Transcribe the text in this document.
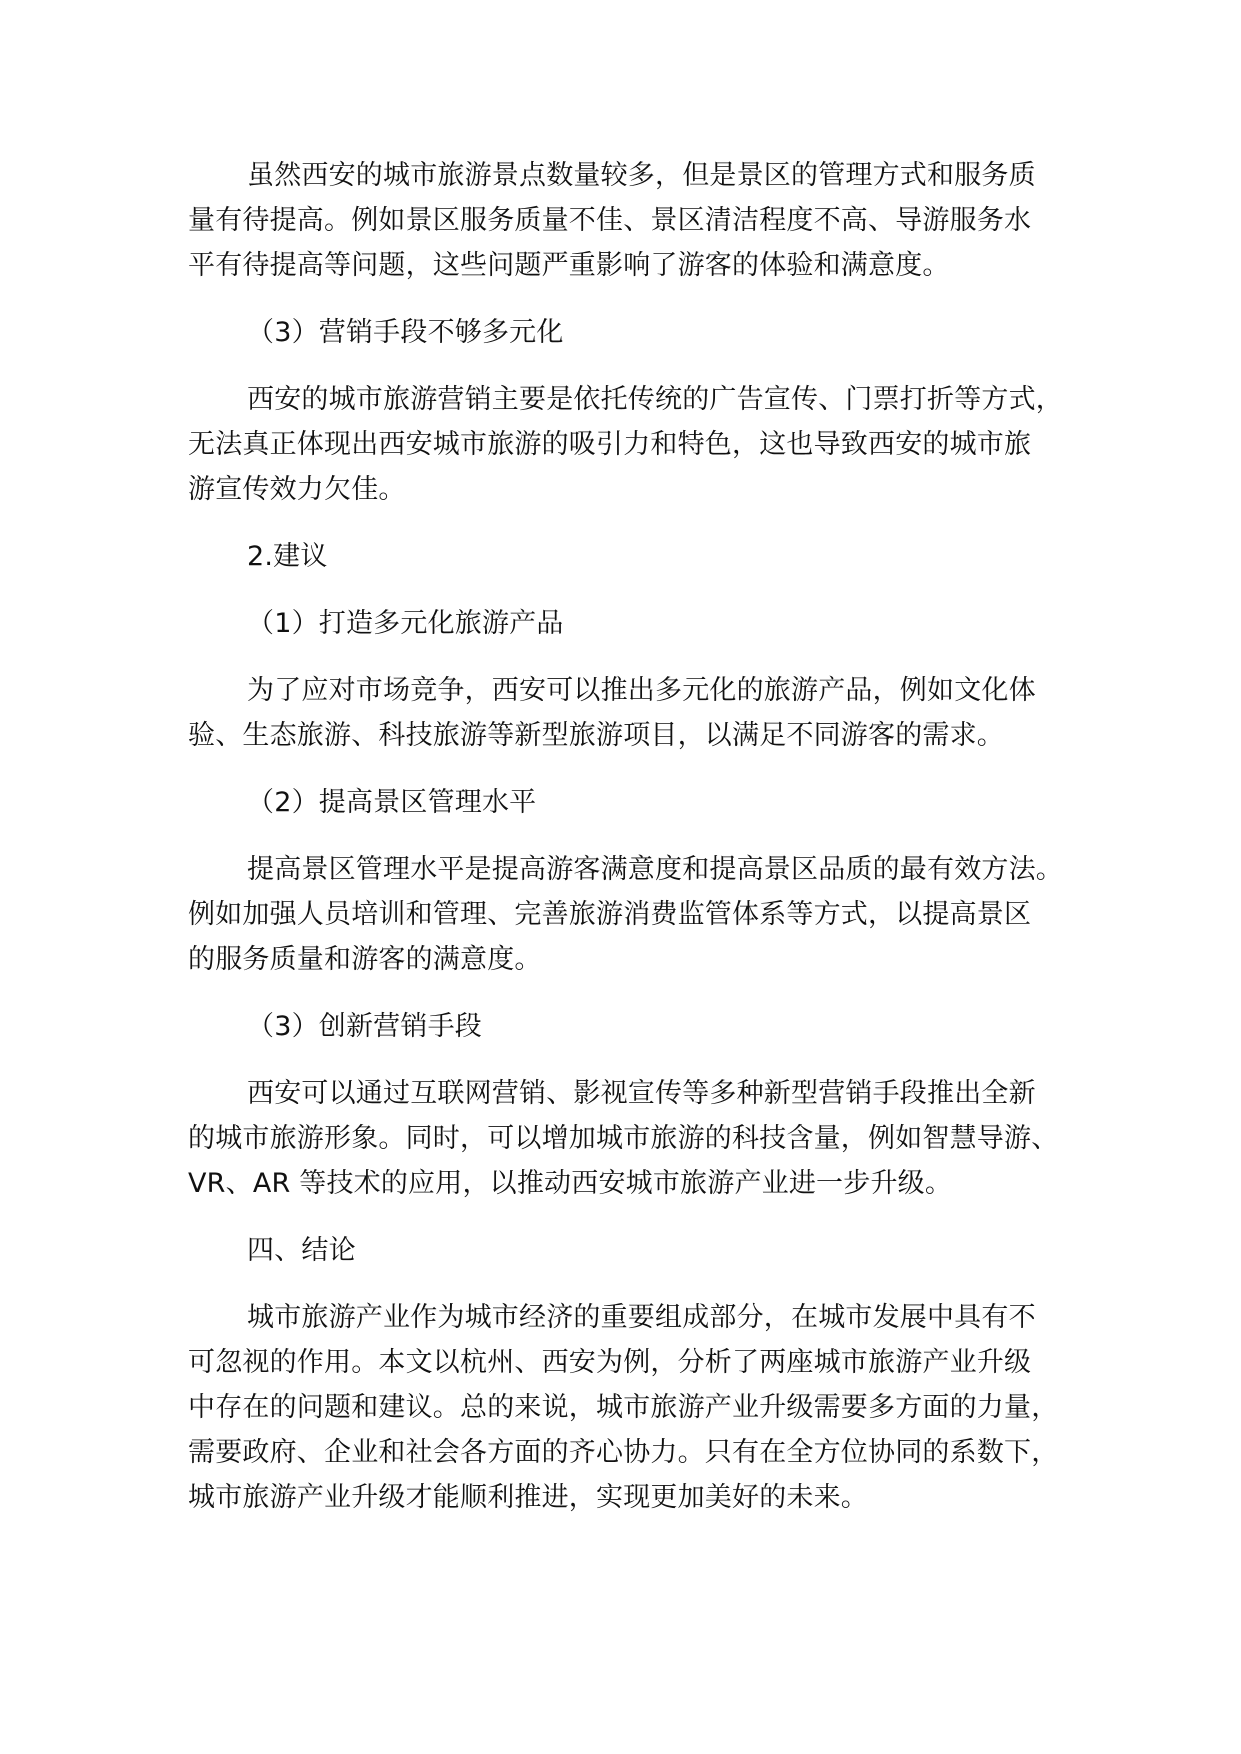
虽然西安的城市旅游景点数量较多，但是景区的管理方式和服务质
量有待提高。例如景区服务质量不佳、景区清洁程度不高、导游服务水
平有待提高等问题，这些问题严重影响了游客的体验和满意度。
（3）营销手段不够多元化
西安的城市旅游营销主要是依托传统的广告宣传、门票打折等方式，
无法真正体现出西安城市旅游的吸引力和特色，这也导致西安的城市旅
游宣传效力欠佳。
2.建议
（1）打造多元化旅游产品
为了应对市场竞争，西安可以推出多元化的旅游产品，例如文化体
验、生态旅游、科技旅游等新型旅游项目，以满足不同游客的需求。
（2）提高景区管理水平
提高景区管理水平是提高游客满意度和提高景区品质的最有效方法。
例如加强人员培训和管理、完善旅游消费监管体系等方式，以提高景区
的服务质量和游客的满意度。
（3）创新营销手段
西安可以通过互联网营销、影视宣传等多种新型营销手段推出全新
的城市旅游形象。同时，可以增加城市旅游的科技含量，例如智慧导游、
VR、AR 等技术的应用，以推动西安城市旅游产业进一步升级。
四、结论
城市旅游产业作为城市经济的重要组成部分，在城市发展中具有不
可忽视的作用。本文以杭州、西安为例，分析了两座城市旅游产业升级
中存在的问题和建议。总的来说，城市旅游产业升级需要多方面的力量，
需要政府、企业和社会各方面的齐心协力。只有在全方位协同的系数下，
城市旅游产业升级才能顺利推进，实现更加美好的未来。
